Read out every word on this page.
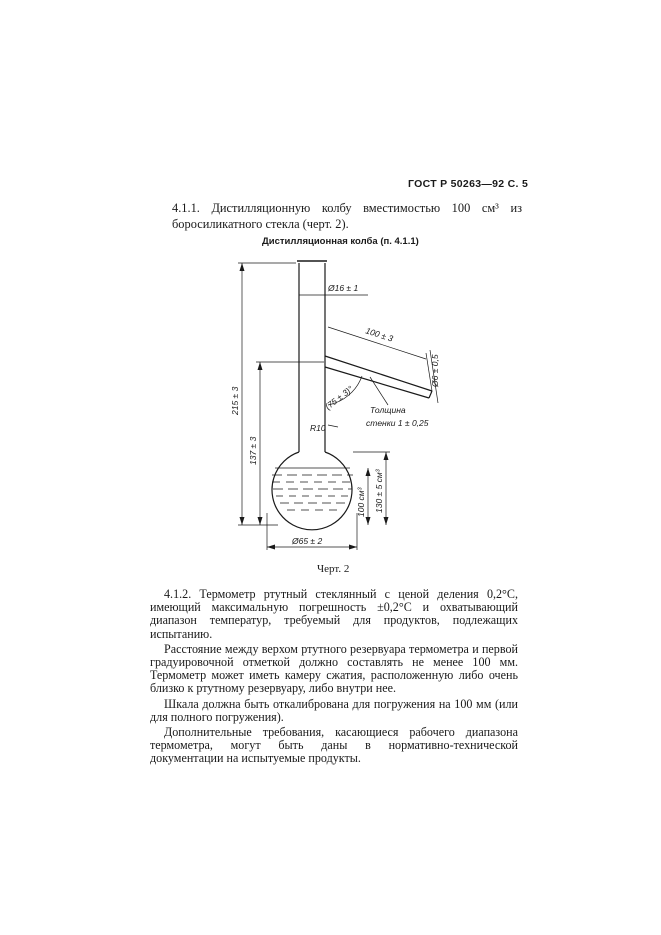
ГОСТ Р 50263—92 С. 5
4.1.1. Дистилляционную колбу вместимостью 100 см³ из боросиликатного стекла (черт. 2).
Дистилляционная колба (п. 4.1.1)
Ø16 ± 1
100 ± 3
Ø6 ± 0,5
(75 ± 3)° Толщина
стенки 1 ± 0,25
R10
215 ± 3
137 ± 3
Ø65 ± 2
100 см³ 130 ± 5 см³
Черт. 2

4.1.2. Термометр ртутный стеклянный с ценой деления 0,2°С, имеющий максимальную погрешность ±0,2°С и охватывающий диапазон температур, требуемый для продуктов, подлежащих испытанию.

Расстояние между верхом ртутного резервуара термометра и первой градуировочной отметкой должно составлять не менее 100 мм. Термометр может иметь камеру сжатия, расположенную либо очень близко к ртутному резервуару, либо внутри нее.

Шкала должна быть откалибрована для погружения на 100 мм (или для полного погружения).

Дополнительные требования, касающиеся рабочего диапазона термометра, могут быть даны в нормативно-технической документации на испытуемые продукты.
